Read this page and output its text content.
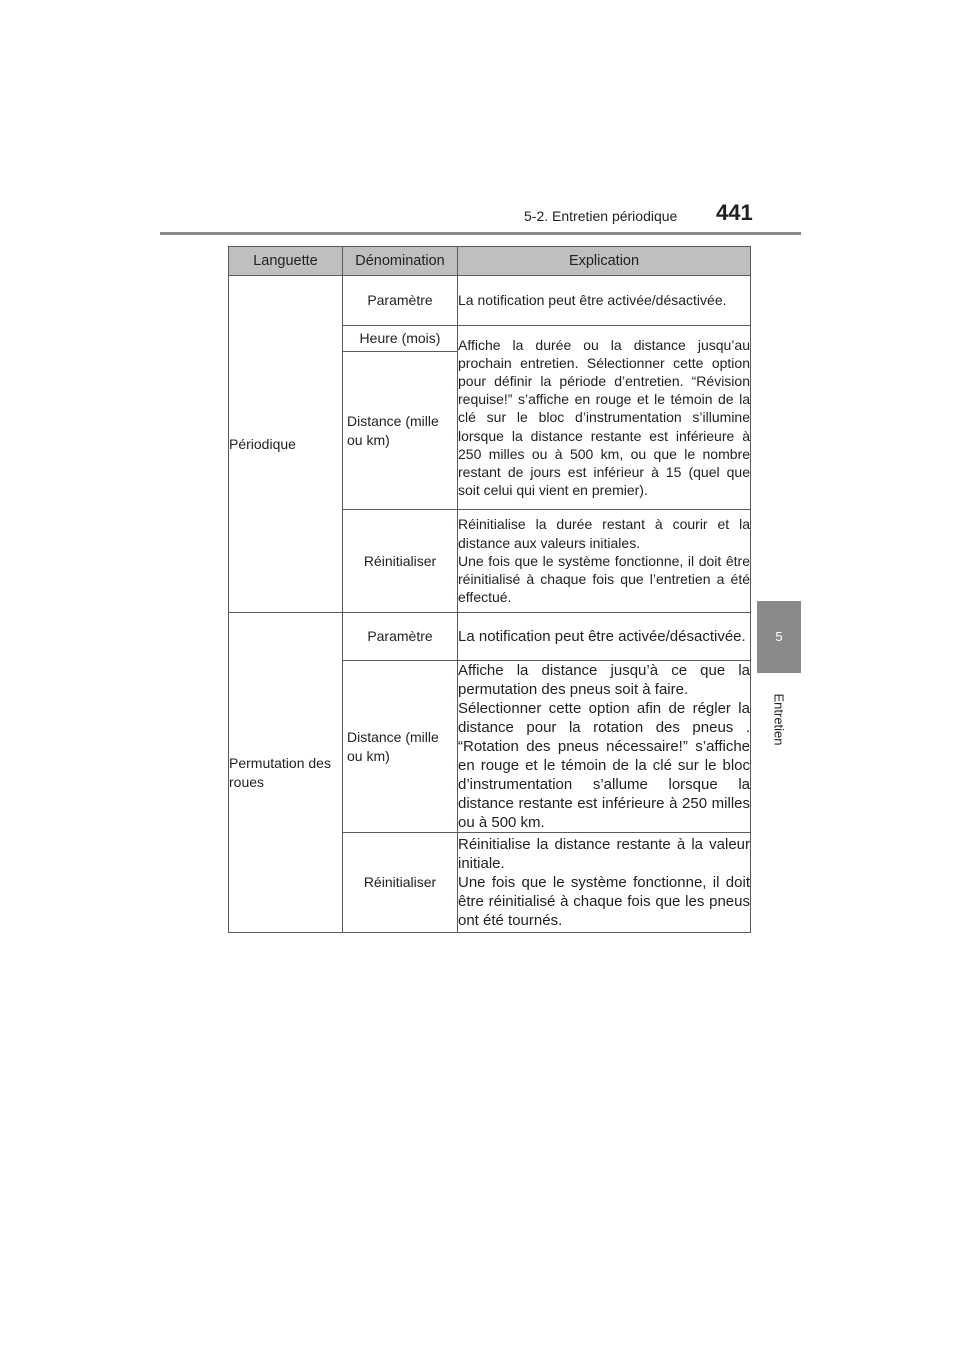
5-2. Entretien périodique 441
5
Entretien
Languette	Dénomination	Explication
Périodique	Paramètre	La notification peut être activée/désactivée.
	Heure (mois)	Affiche la durée ou la distance jusqu’au prochain entretien. Sélectionner cette option pour définir la période d’entretien. “Révision requise!” s’affiche en rouge et le témoin de la clé sur le bloc d’instrumentation s’illumine lorsque la distance restante est inférieure à 250 milles ou à 500 km, ou que le nombre restant de jours est inférieur à 15 (quel que soit celui qui vient en premier).
	Distance (mille ou km)	
	Réinitialiser	Réinitialise la durée restant à courir et la distance aux valeurs initiales.
Une fois que le système fonctionne, il doit être réinitialisé à chaque fois que l’entretien a été effectué.

Permutation des roues	Paramètre	La notification peut être activée/désactivée.
	Distance (mille ou km)	Affiche la distance jusqu’à ce que la permutation des pneus soit à faire.
Sélectionner cette option afin de régler la distance pour la rotation des pneus . “Rotation des pneus nécessaire!” s’affiche en rouge et le témoin de la clé sur le bloc d’instrumentation s’allume lorsque la distance restante est inférieure à 250 milles ou à 500 km.

	Réinitialiser	Réinitialise la distance restante à la valeur initiale.
Une fois que le système fonctionne, il doit être réinitialisé à chaque fois que les pneus ont été tournés.
